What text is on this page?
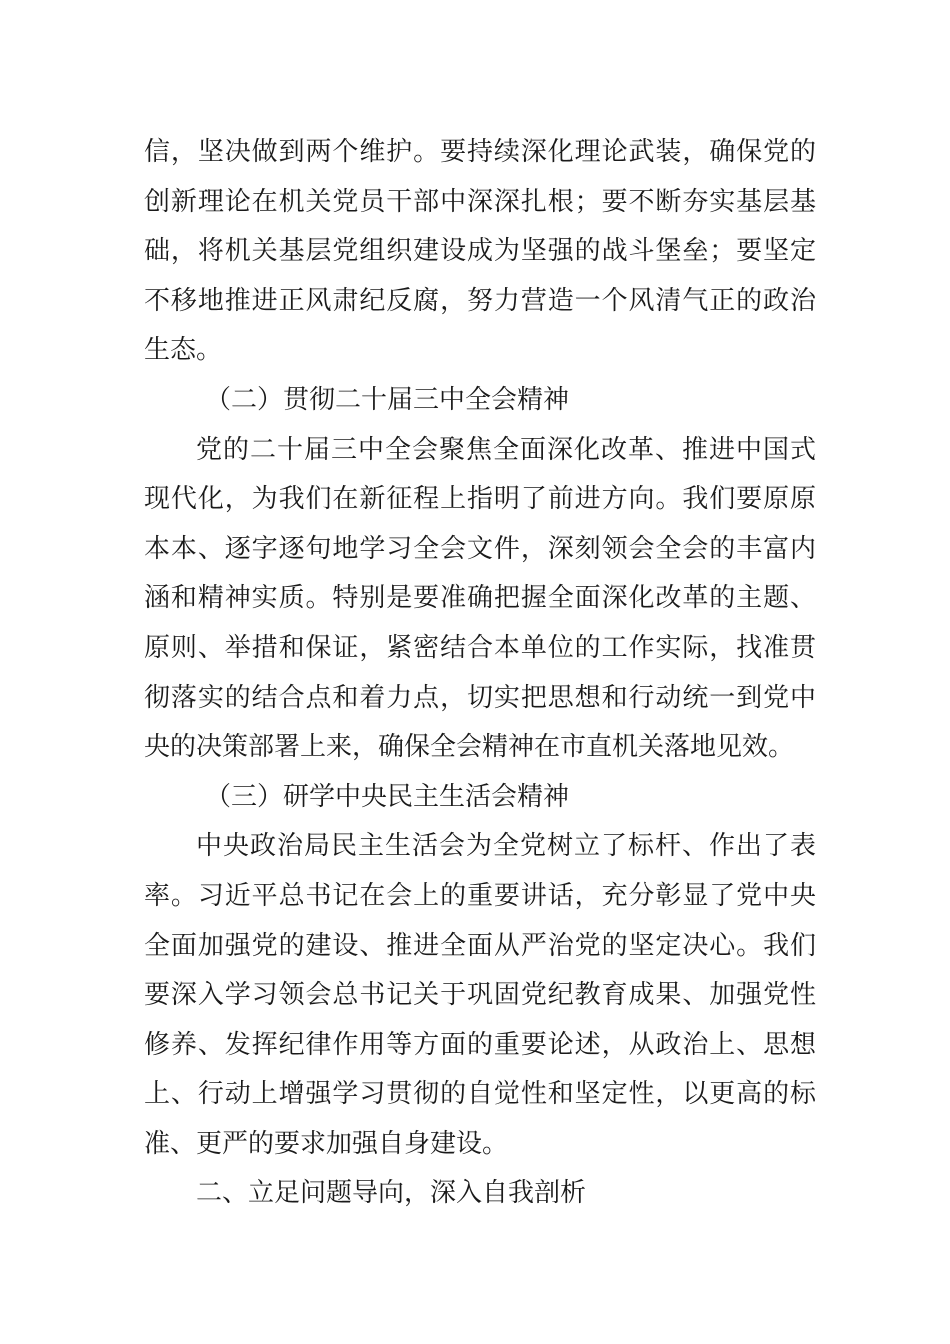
信，坚决做到两个维护。要持续深化理论武装，确保党的
创新理论在机关党员干部中深深扎根；要不断夯实基层基
础，将机关基层党组织建设成为坚强的战斗堡垒；要坚定
不移地推进正风肃纪反腐，努力营造一个风清气正的政治
生态。

（二）贯彻二十届三中全会精神

党的二十届三中全会聚焦全面深化改革、推进中国式
现代化，为我们在新征程上指明了前进方向。我们要原原
本本、逐字逐句地学习全会文件，深刻领会全会的丰富内
涵和精神实质。特别是要准确把握全面深化改革的主题、
原则、举措和保证，紧密结合本单位的工作实际，找准贯
彻落实的结合点和着力点，切实把思想和行动统一到党中
央的决策部署上来，确保全会精神在市直机关落地见效。

（三）研学中央民主生活会精神

中央政治局民主生活会为全党树立了标杆、作出了表
率。习近平总书记在会上的重要讲话，充分彰显了党中央
全面加强党的建设、推进全面从严治党的坚定决心。我们
要深入学习领会总书记关于巩固党纪教育成果、加强党性
修养、发挥纪律作用等方面的重要论述，从政治上、思想
上、行动上增强学习贯彻的自觉性和坚定性，以更高的标
准、更严的要求加强自身建设。

二、立足问题导向，深入自我剖析
